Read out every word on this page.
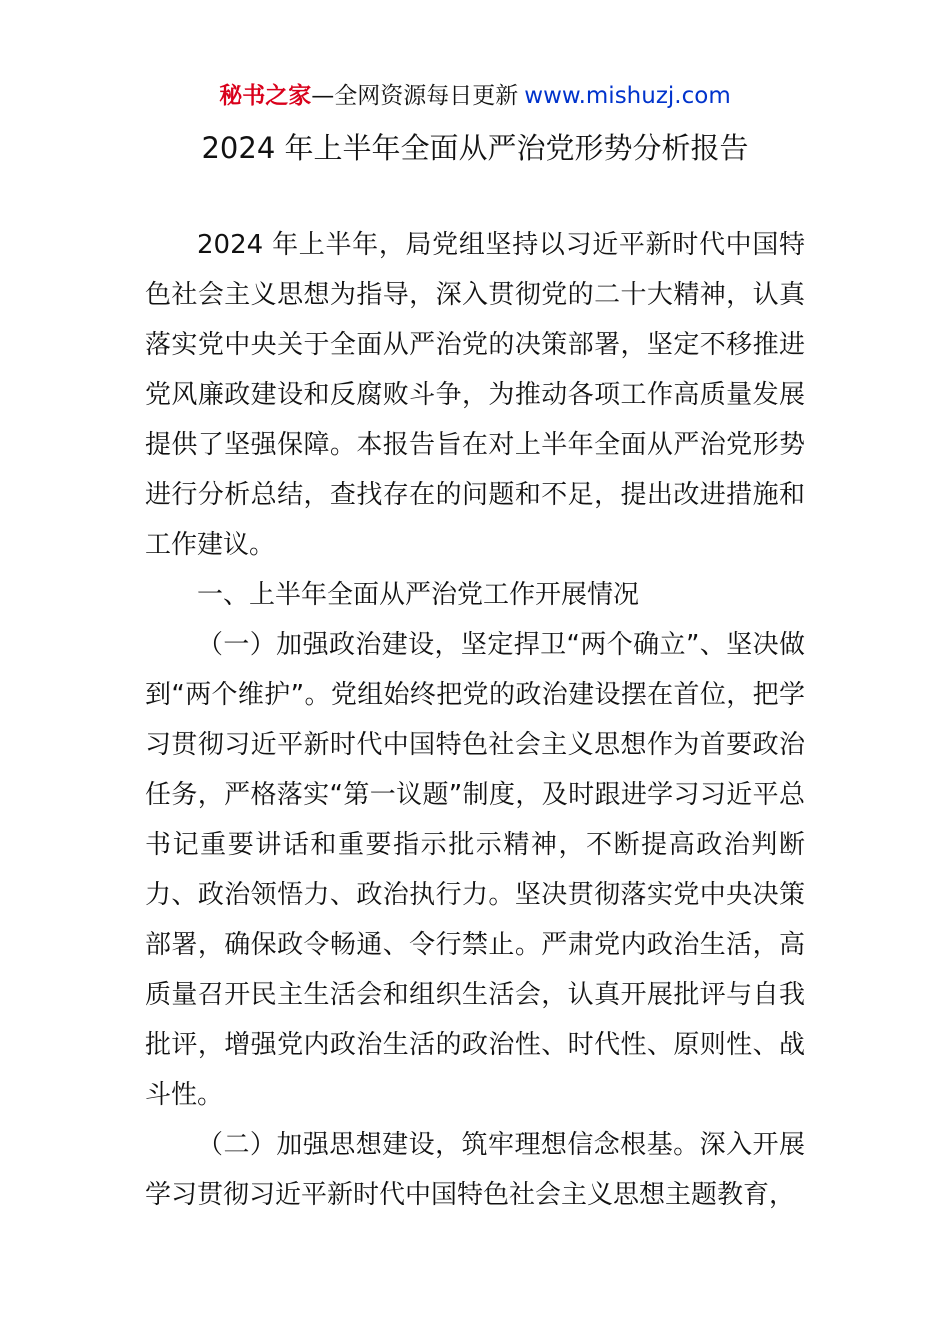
秘书之家—全网资源每日更新 www.mishuzj.com
2024 年上半年全面从严治党形势分析报告

2024 年上半年，局党组坚持以习近平新时代中国特色社会主义思想为指导，深入贯彻党的二十大精神，认真落实党中央关于全面从严治党的决策部署，坚定不移推进党风廉政建设和反腐败斗争，为推动各项工作高质量发展提供了坚强保障。本报告旨在对上半年全面从严治党形势进行分析总结，查找存在的问题和不足，提出改进措施和工作建议。

一、上半年全面从严治党工作开展情况

（一）加强政治建设，坚定捍卫“两个确立”、坚决做到“两个维护”。党组始终把党的政治建设摆在首位，把学习贯彻习近平新时代中国特色社会主义思想作为首要政治任务，严格落实“第一议题”制度，及时跟进学习习近平总书记重要讲话和重要指示批示精神，不断提高政治判断力、政治领悟力、政治执行力。坚决贯彻落实党中央决策部署，确保政令畅通、令行禁止。严肃党内政治生活，高质量召开民主生活会和组织生活会，认真开展批评与自我批评，增强党内政治生活的政治性、时代性、原则性、战斗性。

（二）加强思想建设，筑牢理想信念根基。深入开展学习贯彻习近平新时代中国特色社会主义思想主题教育，
